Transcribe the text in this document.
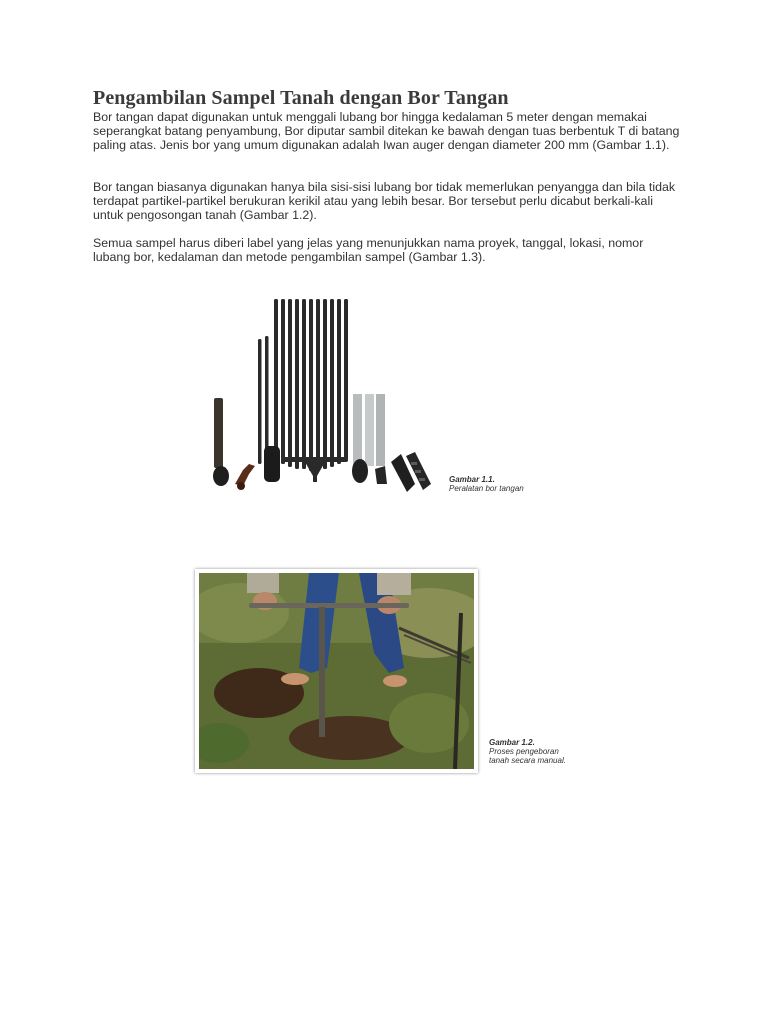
Pengambilan Sampel Tanah dengan Bor Tangan

Bor tangan dapat digunakan untuk menggali lubang bor hingga kedalaman 5 meter dengan memakai seperangkat batang penyambung, Bor diputar sambil ditekan ke bawah dengan tuas berbentuk T di batang paling atas. Jenis bor yang umum digunakan adalah Iwan auger dengan diameter 200 mm (Gambar 1.1).

Bor tangan biasanya digunakan hanya bila sisi-sisi lubang bor tidak memerlukan penyangga dan bila tidak terdapat partikel-partikel berukuran kerikil atau yang lebih besar. Bor tersebut perlu dicabut berkali-kali untuk pengosongan tanah (Gambar 1.2).

Semua sampel harus diberi label yang jelas yang menunjukkan nama proyek, tanggal, lokasi, nomor lubang bor, kedalaman dan metode pengambilan sampel (Gambar 1.3).

Gambar 1.1.
Peralatan bor tangan
Gambar 1.2.
Proses pengeboran
tanah secara manual.
